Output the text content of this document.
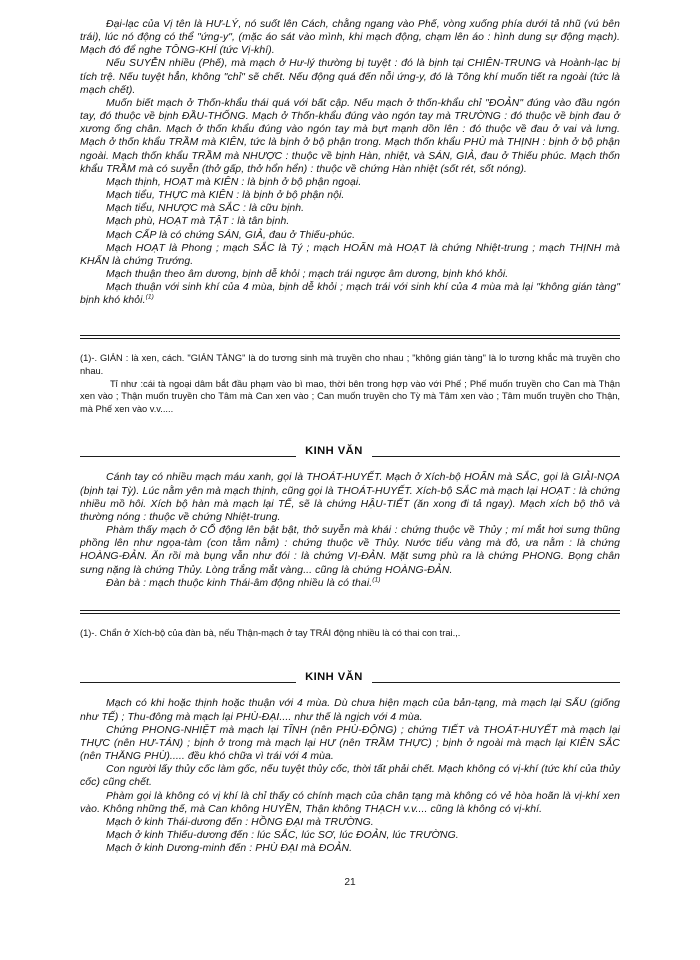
Đại-lạc của Vị tên là HƯ-LÝ, nó suốt lên Cách, chằng ngang vào Phế, vòng xuống phía dưới tả nhũ (vú bên trái), lúc nó động có thể "ứng-y", (mặc áo sát vào mình, khi mạch động, chạm lên áo : hình dung sự động mạch). Mạch đó để nghe TÔNG-KHÍ (tức Vị-khí).

Nếu SUYỄN nhiều (Phế), mà mạch ở Hư-lý thường bị tuyệt : đó là bịnh tại CHIÊN-TRUNG và Hoành-lạc bị tích trệ. Nếu tuyệt hẳn, không "chỉ" sẽ chết. Nếu động quá đến nỗi ứng-y, đó là Tông khí muốn tiết ra ngoài (tức là mạch chết).

Muốn biết mạch ở Thốn-khẩu thái quá với bất cập. Nếu mạch ở thốn-khẩu chỉ "ĐOẢN" đúng vào đầu ngón tay, đó thuộc về bịnh ĐẦU-THỐNG. Mạch ở Thốn-khẩu đúng vào ngón tay mà TRƯỜNG : đó thuộc về bịnh đau ở xương ống chân. Mạch ở thốn khẩu đúng vào ngón tay mà bựt mạnh dồn lên : đó thuộc về đau ở vai và lưng. Mạch ở thốn khẩu TRẦM mà KIÊN, tức là bịnh ở bộ phận trong. Mạch thốn khẩu PHÙ mà THỊNH : bịnh ở bộ phận ngoài. Mạch thốn khẩu TRẦM mà NHƯỢC : thuộc về bịnh Hàn, nhiệt, và SÁN, GIẢ, đau ở Thiếu phúc. Mạch thốn khẩu TRẦM mà có suyễn (thở gấp, thở hổn hển) : thuộc về chứng Hàn nhiệt (sốt rét, sốt nóng).

Mạch thịnh, HOẠT mà KIÊN : là bịnh ở bộ phận ngoại.

Mạch tiểu, THỰC mà KIÊN : là bịnh ở bộ phận nội.

Mạch tiểu, NHƯỢC mà SẮC : là cữu bịnh.

Mạch phù, HOẠT mà TẬT : là tân bịnh.

Mạch CẤP là có chứng SÁN, GIẢ, đau ở Thiếu-phúc.

Mạch HOẠT là Phong ; mạch SẮC là Tý ; mạch HOÃN mà HOẠT là chứng Nhiệt-trung ; mạch THỊNH mà KHẨN là chứng Trướng.

Mạch thuận theo âm dương, bịnh dễ khỏi ; mạch trái ngược âm dương, bịnh khó khỏi.

Mạch thuận với sinh khí của 4 mùa, bịnh dễ khỏi ; mạch trái với sinh khí của 4 mùa mà lại "không gián tàng" bịnh khó khỏi.$^{(1)}$

(1)-. GIÁN : là xen, cách. "GIÁN TÀNG" là do tương sinh mà truyền cho nhau ; "không gián tàng" là lo tương khắc mà truyền cho nhau.

Tỉ như :cái tà ngoại dâm bắt đầu phạm vào bì mao, thời bên trong hợp vào với Phế ; Phế muốn truyền cho Can mà Thận xen vào ; Thận muốn truyền cho Tâm mà Can xen vào ; Can muốn truyền cho Tỳ mà Tâm xen vào ; Tâm muốn truyền cho Thận, mà Phế xen vào v.v.....

KINH VĂN

Cánh tay có nhiều mạch máu xanh, gọi là THOÁT-HUYẾT. Mạch ở Xích-bộ HOÃN mà SẮC, gọi là GIẢI-NỌA (bịnh tại Tỳ). Lúc nằm yên mà mạch thịnh, cũng gọi là THOÁT-HUYẾT. Xích-bộ SẮC mà mạch lại HOẠT : là chứng nhiều mồ hôi. Xích bộ hàn mà mạch lại TẾ, sẽ là chứng HẬU-TIẾT (ăn xong đi tả ngay). Mạch xích bộ thô và thường nóng : thuộc về chứng Nhiệt-trung.

Phàm thấy mạch ở CỔ động lên bật bật, thở suyễn mà khái : chứng thuộc về Thủy ; mí mắt hơi sưng thũng phồng lên như ngọa-tàm (con tằm nằm) : chứng thuộc về Thủy. Nước tiểu vàng mà đỏ, ưa nằm : là chứng HOÀNG-ĐẢN. Ăn rồi mà bụng vẫn như đói : là chứng VỊ-ĐẢN. Mặt sưng phù ra là chứng PHONG. Bọng chân sưng nặng là chứng Thủy. Lòng trắng mắt vàng... cũng là chứng HOÀNG-ĐẢN.

Đàn bà : mạch thuộc kinh Thái-âm động nhiều là có thai.$^{(1)}$

(1)-. Chẩn ở Xích-bộ của đàn bà, nếu Thận-mạch ở tay TRÁI động nhiều là có thai con trai.,.

KINH VĂN

Mạch có khi hoặc thịnh hoặc thuận với 4 mùa. Dù chưa hiện mạch của bản-tạng, mà mạch lại SẨU (giống như TẾ) ; Thu-đông mà mạch lại PHÙ-ĐẠI.... như thế là ngịch với 4 mùa.

Chứng PHONG-NHIỆT mà mạch lại TĨNH (nên PHÙ-ĐỘNG) ; chứng TIẾT và THOÁT-HUYẾT mà mạch lại THỰC (nên HƯ-TÁN) ; bịnh ở trong mà mạch lại HƯ (nên TRẦM THỰC) ; bịnh ở ngoài mà mạch lại KIÊN SẮC (nên THĂNG PHÙ)..... đều khó chữa vì trái với 4 mùa.

Con người lấy thủy cốc làm gốc, nếu tuyệt thủy cốc, thời tất phải chết. Mạch không có vị-khí (tức khí của thủy cốc) cũng chết.

Phàm gọi là không có vị khí là chỉ thấy có chính mạch của chân tạng mà không có vẻ hòa hoãn là vị-khí xen vào. Không những thế, mà Can không HUYỀN, Thận không THẠCH v.v.... cũng là không có vị-khí.

Mạch ở kinh Thái-dương đến : HỒNG ĐẠI mà TRƯỜNG.

Mạch ở kinh Thiếu-dương đến : lúc SẮC, lúc SƠ, lúc ĐOẢN, lúc TRƯỜNG.

Mạch ở kinh Dương-minh đến : PHÙ ĐẠI mà ĐOẢN.

21
